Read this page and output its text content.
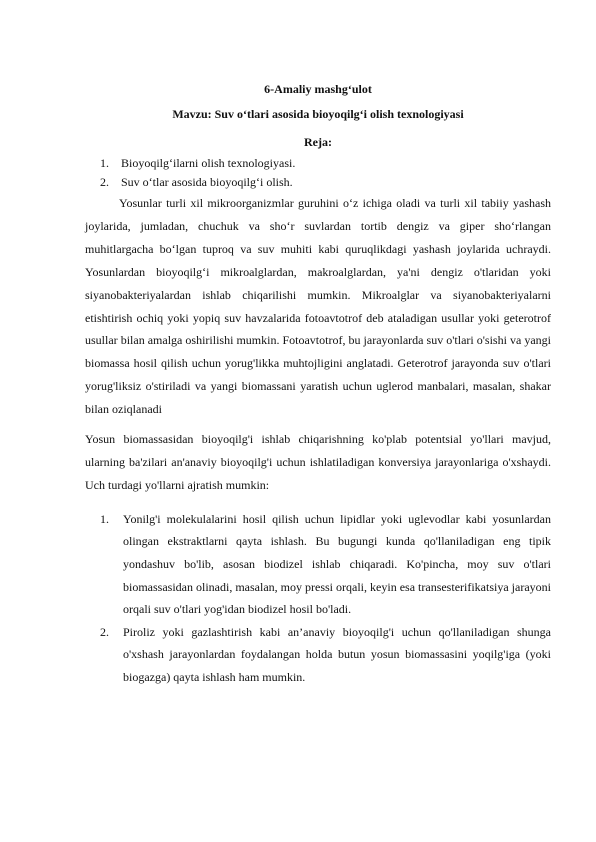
6-Amaliy mashg‘ulot
Mavzu: Suv o‘tlari asosida bioyoqilg‘i olish texnologiyasi
Reja:
1.	Bioyoqilg‘ilarni olish texnologiyasi.
2.	Suv o‘tlar asosida bioyoqilg‘i olish.

Yosunlar turli xil mikroorganizmlar guruhini o‘z ichiga oladi va turli xil tabiiy yashash joylarida, jumladan, chuchuk va sho‘r suvlardan tortib dengiz va giper sho‘rlangan muhitlargacha bo‘lgan tuproq va suv muhiti kabi quruqlikdagi yashash joylarida uchraydi. Yosunlardan bioyoqilg‘i mikroalglardan, makroalglardan, ya'ni dengiz o'tlaridan yoki siyanobakteriyalardan ishlab chiqarilishi mumkin. Mikroalglar va siyanobakteriyalarni etishtirish ochiq yoki yopiq suv havzalarida fotoavtotrof deb ataladigan usullar yoki geterotrof usullar bilan amalga oshirilishi mumkin. Fotoavtotrof, bu jarayonlarda suv o'tlari o'sishi va yangi biomassa hosil qilish uchun yorug'likka muhtojligini anglatadi. Geterotrof jarayonda suv o'tlari yorug'liksiz o'stiriladi va yangi biomassani yaratish uchun uglerod manbalari, masalan, shakar bilan oziqlanadi

Yosun biomassasidan bioyoqilg'i ishlab chiqarishning ko'plab potentsial yo'llari mavjud, ularning ba'zilari an'anaviy bioyoqilg'i uchun ishlatiladigan konversiya jarayonlariga o'xshaydi. Uch turdagi yo'llarni ajratish mumkin:

1.	Yonilg'i molekulalarini hosil qilish uchun lipidlar yoki uglevodlar kabi yosunlardan olingan ekstraktlarni qayta ishlash. Bu bugungi kunda qo'llaniladigan eng tipik yondashuv bo'lib, asosan biodizel ishlab chiqaradi. Ko'pincha, moy suv o'tlari biomassasidan olinadi, masalan, moy pressi orqali, keyin esa transesterifikatsiya jarayoni orqali suv o'tlari yog'idan biodizel hosil bo'ladi.
2.	Piroliz yoki gazlashtirish kabi an’anaviy bioyoqilg'i uchun qo'llaniladigan shunga o'xshash jarayonlardan foydalangan holda butun yosun biomassasini yoqilg'iga (yoki biogazga) qayta ishlash ham mumkin.
